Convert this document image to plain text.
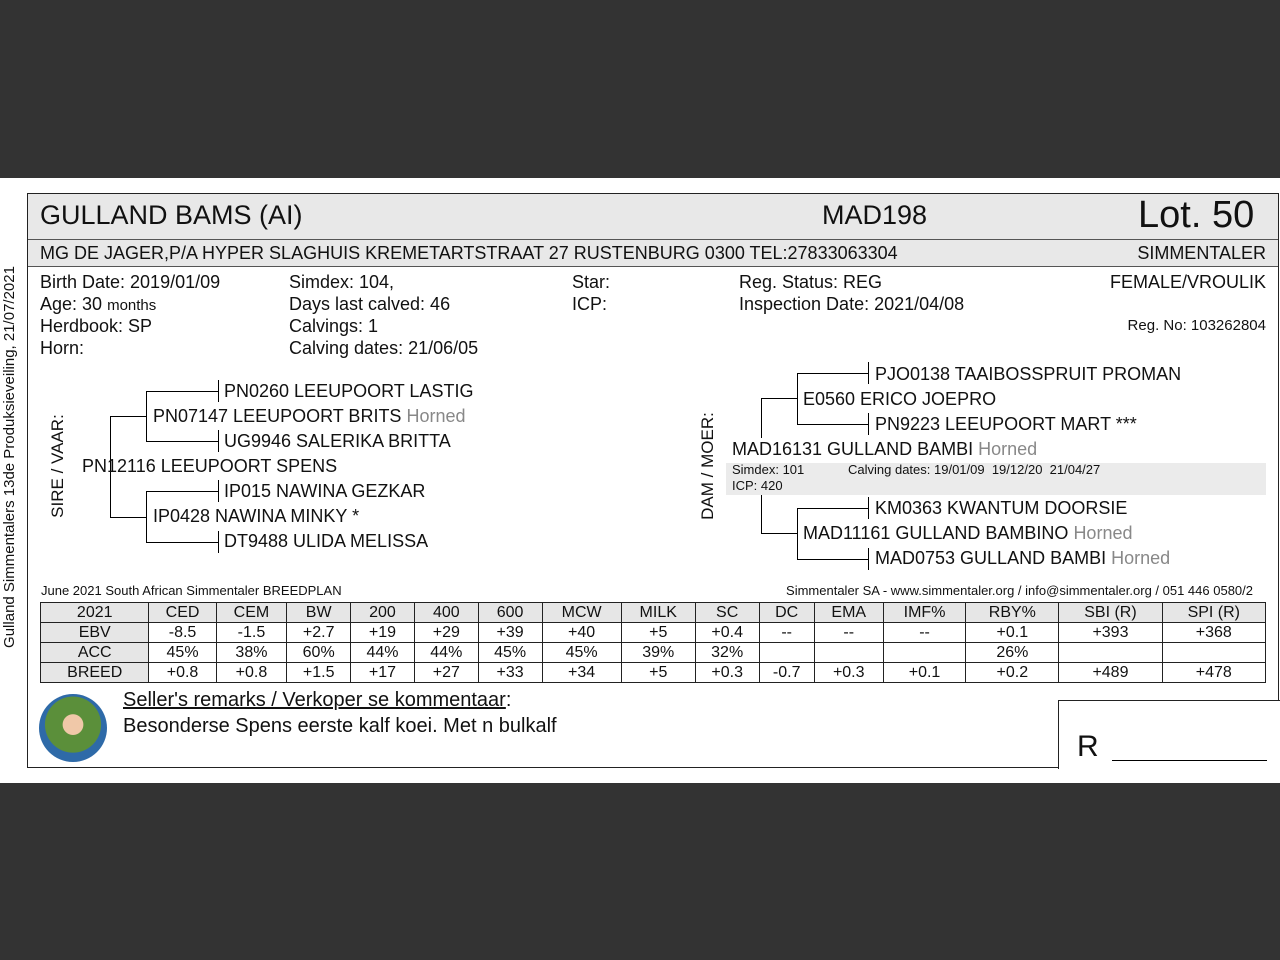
Gulland Simmentalers 13de Produksieveiling, 21/07/2021
GULLAND BAMS (AI)	MAD198	Lot. 50
MG DE JAGER,P/A HYPER SLAGHUIS KREMETARTSTRAAT 27 RUSTENBURG 0300 TEL:27833063304	SIMMENTALER
Birth Date: 2019/01/09
Age: 30 months
Herdbook: SP
Horn:
Simdex: 104,
Days last calved: 46
Calvings: 1
Calving dates: 21/06/05
Star:
ICP:
Reg. Status: REG
Inspection Date: 2021/04/08
FEMALE/VROULIK
Reg. No: 103262804
SIRE / VAAR:
PN0260 LEEUPOORT LASTIG
PN07147 LEEUPOORT BRITS Horned
UG9946 SALERIKA BRITTA
PN12116 LEEUPOORT SPENS
IP015 NAWINA GEZKAR
IP0428 NAWINA MINKY *
DT9488 ULIDA MELISSA
DAM / MOER:
PJO0138 TAAIBOSSPRUIT PROMAN
E0560 ERICO JOEPRO
PN9223 LEEUPOORT MART ***
MAD16131 GULLAND BAMBI Horned
Simdex: 101	Calving dates: 19/01/09  19/12/20  21/04/27
ICP: 420
KM0363 KWANTUM DOORSIE
MAD11161 GULLAND BAMBINO Horned
MAD0753 GULLAND BAMBI Horned
June 2021 South African Simmentaler BREEDPLAN	Simmentaler SA - www.simmentaler.org / info@simmentaler.org / 051 446 0580/2
2021	CED	CEM	BW	200	400	600	MCW	MILK	SC	DC	EMA	IMF%	RBY%	SBI (R)	SPI (R)
EBV	-8.5	-1.5	+2.7	+19	+29	+39	+40	+5	+0.4	--	--	--	+0.1	+393	+368
ACC	45%	38%	60%	44%	44%	45%	45%	39%	32%				26%		
BREED	+0.8	+0.8	+1.5	+17	+27	+33	+34	+5	+0.3	-0.7	+0.3	+0.1	+0.2	+489	+478
Seller's remarks / Verkoper se kommentaar:
Besonderse Spens eerste kalf koei. Met n bulkalf
R
